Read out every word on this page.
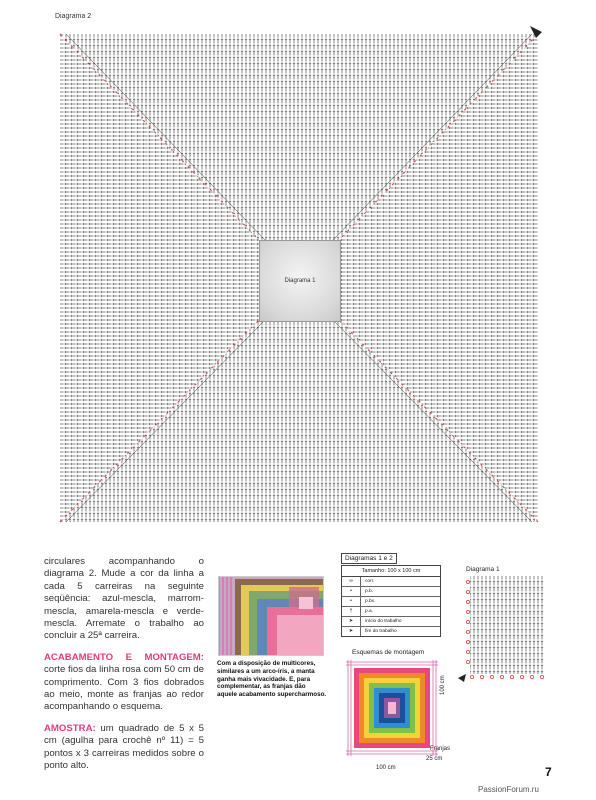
Diagrama 2
Diagrama 1

circulares acompanhando o diagrama 2. Mude a cor da linha a cada 5 carreiras na seguinte seqüência: azul-mescla, marrom-mescla, amarela-mescla e verde-mescla. Arremate o trabalho ao concluir a 25ª carreira.

ACABAMENTO E MONTAGEM: corte fios da linha rosa com 50 cm de comprimento. Com 3 fios dobrados ao meio, monte as franjas ao redor acompanhando o esquema.

AMOSTRA: um quadrado de 5 x 5 cm (agulha para crochê nº 11) = 5 pontos x 3 carreiras medidos sobre o ponto alto.

Com a disposição de multicores, similares a um arco-íris, a manta ganha mais vivacidade. E, para complementar, as franjas dão aquele acabamento supercharmoso.
Diagramas 1 e 2
Tamanho: 100 x 100 cm
∞	corr.
•	p.b.
•	p.bx.
†	p.a.
➤	início do trabalho
➤	fim do trabalho
Esquemas de montagem
100 cm
100 cm
Franjas
25 cm
Diagrama 1
7
PassionForum.ru
